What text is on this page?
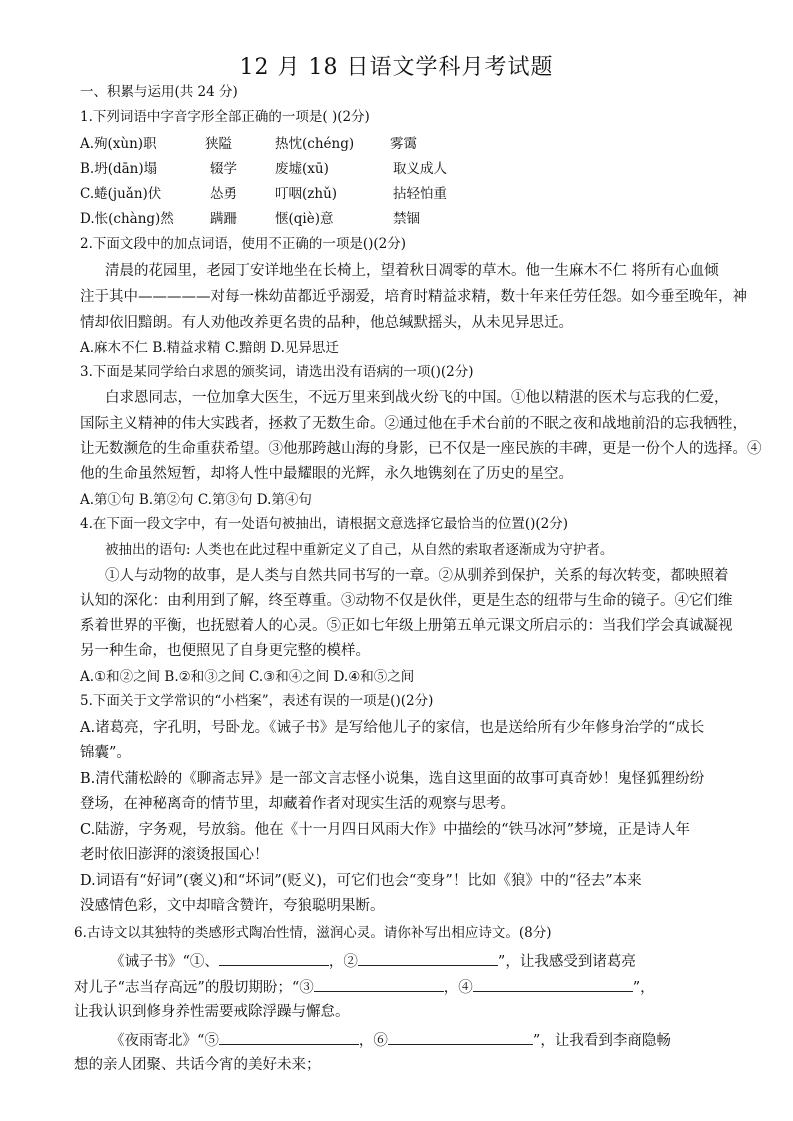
12 月 18 日语文学科月考试题
一、积累与运用(共 24 分)
1.下列词语中字音字形全部正确的一项是( )(2分)
A.殉(xùn)职	狭隘	热忱(chéng)	雾霭
B.坍(dān)塌	辍学	废墟(xū)	取义成人
C.蜷(juǎn)伏	怂勇	叮咽(zhǔ)	拈轻怕重
D.怅(chàng)然	蹒跚	惬(qiè)意	禁锢
2.下面文段中的加点词语，使用不正确的一项是()(2分)
清晨的花园里，老园丁安详地坐在长椅上，望着秋日凋零的草木。他一生麻木不仁 将所有心血倾
注于其中—————对每一株幼苗都近乎溺爱，培育时精益求精，数十年来任劳任怨。如今垂至晚年，神
情却依旧黯朗。有人劝他改养更名贵的品种，他总缄默摇头，从未见异思迁。
A.麻木不仁 B.精益求精 C.黯朗 D.见异思迁
3.下面是某同学给白求恩的颁奖词，请选出没有语病的一项()(2分)
白求恩同志，一位加拿大医生，不远万里来到战火纷飞的中国。①他以精湛的医术与忘我的仁爱，
国际主义精神的伟大实践者，拯救了无数生命。②通过他在手术台前的不眠之夜和战地前沿的忘我牺牲，
让无数濒危的生命重获希望。③他那跨越山海的身影，已不仅是一座民族的丰碑，更是一份个人的选择。④
他的生命虽然短暂，却将人性中最耀眼的光辉，永久地镌刻在了历史的星空。
A.第①句 B.第②句 C.第③句 D.第④句
4.在下面一段文字中，有一处语句被抽出，请根据文意选择它最恰当的位置()(2分)
被抽出的语句: 人类也在此过程中重新定义了自己，从自然的索取者逐渐成为守护者。
①人与动物的故事，是人类与自然共同书写的一章。②从驯养到保护，关系的每次转变，都映照着
认知的深化：由利用到了解，终至尊重。③动物不仅是伙伴，更是生态的纽带与生命的镜子。④它们维
系着世界的平衡，也抚慰着人的心灵。⑤正如七年级上册第五单元课文所启示的：当我们学会真诚凝视
另一种生命，也便照见了自身更完整的模样。
A.①和②之间 B.②和③之间 C.③和④之间 D.④和⑤之间
5.下面关于文学常识的“小档案”，表述有误的一项是()(2分)
A.诸葛亮，字孔明，号卧龙。《诫子书》是写给他儿子的家信，也是送给所有少年修身治学的“成长
锦囊”。
B.清代蒲松龄的《聊斋志异》是一部文言志怪小说集，选自这里面的故事可真奇妙！鬼怪狐狸纷纷
登场，在神秘离奇的情节里，却藏着作者对现实生活的观察与思考。
C.陆游，字务观，号放翁。他在《十一月四日风雨大作》中描绘的“铁马冰河”梦境，正是诗人年
老时依旧澎湃的滚烫报国心！
D.词语有“好词”(褒义)和“坏词”(贬义)，可它们也会“变身”！比如《狼》中的“径去”本来
没感情色彩，文中却暗含赞许，夸狼聪明果断。
6.古诗文以其独特的类感形式陶冶性情，滋润心灵。请你补写出相应诗文。(8分)
《诫子书》“①、	，②	”，让我感受到诸葛亮
对儿子“志当存高远”的殷切期盼；“③	，④	”，
让我认识到修身养性需要戒除浮躁与懈怠。
《夜雨寄北》“⑤	，⑥	”，让我看到李商隐畅
想的亲人团聚、共话今宵的美好未来；
